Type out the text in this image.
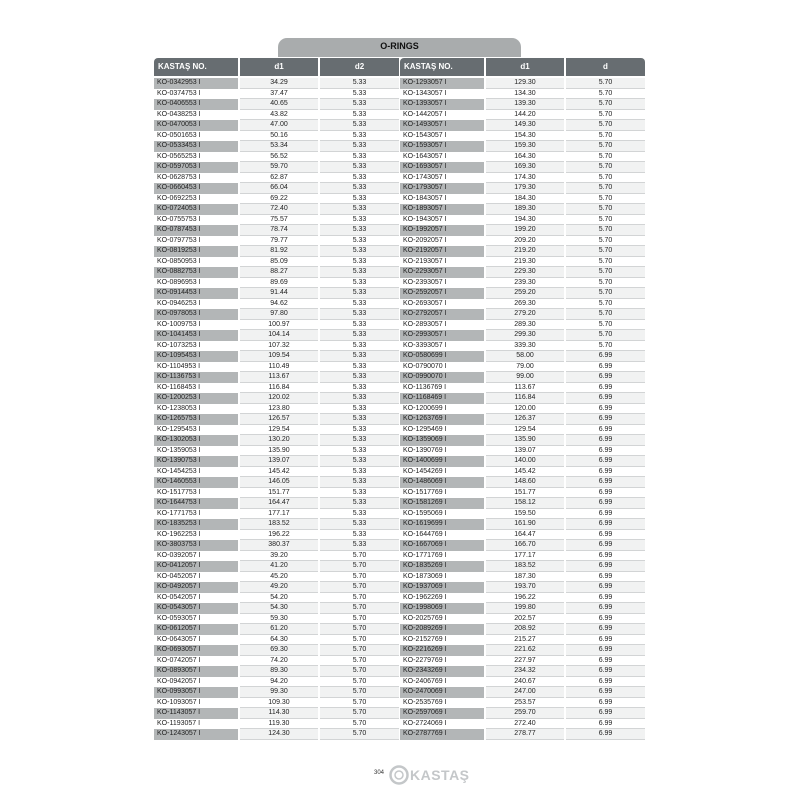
O-RINGS
KASTAŞ NO.	d1	d2
KO-0342953 I	34.29	5.33
KO-0374753 I	37.47	5.33
KO-0406553 I	40.65	5.33
KO-0438253 I	43.82	5.33
KO-0470053 I	47.00	5.33
KO-0501653 I	50.16	5.33
KO-0533453 I	53.34	5.33
KO-0565253 I	56.52	5.33
KO-0597053 I	59.70	5.33
KO-0628753 I	62.87	5.33
KO-0660453 I	66.04	5.33
KO-0692253 I	69.22	5.33
KO-0724053 I	72.40	5.33
KO-0755753 I	75.57	5.33
KO-0787453 I	78.74	5.33
KO-0797753 I	79.77	5.33
KO-0819253 I	81.92	5.33
KO-0850953 I	85.09	5.33
KO-0882753 I	88.27	5.33
KO-0896953 I	89.69	5.33
KO-0914453 I	91.44	5.33
KO-0946253 I	94.62	5.33
KO-0978053 I	97.80	5.33
KO-1009753 I	100.97	5.33
KO-1041453 I	104.14	5.33
KO-1073253 I	107.32	5.33
KO-1095453 I	109.54	5.33
KO-1104953 I	110.49	5.33
KO-1136753 I	113.67	5.33
KO-1168453 I	116.84	5.33
KO-1200253 I	120.02	5.33
KO-1238053 I	123.80	5.33
KO-1265753 I	126.57	5.33
KO-1295453 I	129.54	5.33
KO-1302053 I	130.20	5.33
KO-1359053 I	135.90	5.33
KO-1390753 I	139.07	5.33
KO-1454253 I	145.42	5.33
KO-1460553 I	146.05	5.33
KO-1517753 I	151.77	5.33
KO-1644753 I	164.47	5.33
KO-1771753 I	177.17	5.33
KO-1835253 I	183.52	5.33
KO-1962253 I	196.22	5.33
KO-3803753 I	380.37	5.33
KO-0392057 I	39.20	5.70
KO-0412057 I	41.20	5.70
KO-0452057 I	45.20	5.70
KO-0492057 I	49.20	5.70
KO-0542057 I	54.20	5.70
KO-0543057 I	54.30	5.70
KO-0593057 I	59.30	5.70
KO-0612057 I	61.20	5.70
KO-0643057 I	64.30	5.70
KO-0693057 I	69.30	5.70
KO-0742057 I	74.20	5.70
KO-0893057 I	89.30	5.70
KO-0942057 I	94.20	5.70
KO-0993057 I	99.30	5.70
KO-1093057 I	109.30	5.70
KO-1143057 I	114.30	5.70
KO-1193057 I	119.30	5.70
KO-1243057 I	124.30	5.70
KASTAŞ NO.	d1	d
KO-1293057 I	129.30	5.70
KO-1343057 I	134.30	5.70
KO-1393057 I	139.30	5.70
KO-1442057 I	144.20	5.70
KO-1493057 I	149.30	5.70
KO-1543057 I	154.30	5.70
KO-1593057 I	159.30	5.70
KO-1643057 I	164.30	5.70
KO-1693057 I	169.30	5.70
KO-1743057 I	174.30	5.70
KO-1793057 I	179.30	5.70
KO-1843057 I	184.30	5.70
KO-1893057 I	189.30	5.70
KO-1943057 I	194.30	5.70
KO-1992057 I	199.20	5.70
KO-2092057 I	209.20	5.70
KO-2192057 I	219.20	5.70
KO-2193057 I	219.30	5.70
KO-2293057 I	229.30	5.70
KO-2393057 I	239.30	5.70
KO-2592057 I	259.20	5.70
KO-2693057 I	269.30	5.70
KO-2792057 I	279.20	5.70
KO-2893057 I	289.30	5.70
KO-2993057 I	299.30	5.70
KO-3393057 I	339.30	5.70
KO-0580699 I	58.00	6.99
KO-0790070 I	79.00	6.99
KO-0990070 I	99.00	6.99
KO-1136769 I	113.67	6.99
KO-1168469 I	116.84	6.99
KO-1200699 I	120.00	6.99
KO-1263769 I	126.37	6.99
KO-1295469 I	129.54	6.99
KO-1359069 I	135.90	6.99
KO-1390769 I	139.07	6.99
KO-1400699 I	140.00	6.99
KO-1454269 I	145.42	6.99
KO-1486069 I	148.60	6.99
KO-1517769 I	151.77	6.99
KO-1581269 I	158.12	6.99
KO-1595069 I	159.50	6.99
KO-1619699 I	161.90	6.99
KO-1644769 I	164.47	6.99
KO-1667069 I	166.70	6.99
KO-1771769 I	177.17	6.99
KO-1835269 I	183.52	6.99
KO-1873069 I	187.30	6.99
KO-1937069 I	193.70	6.99
KO-1962269 I	196.22	6.99
KO-1998069 I	199.80	6.99
KO-2025769 I	202.57	6.99
KO-2089269 I	208.92	6.99
KO-2152769 I	215.27	6.99
KO-2216269 I	221.62	6.99
KO-2279769 I	227.97	6.99
KO-2343269 I	234.32	6.99
KO-2406769 I	240.67	6.99
KO-2470069 I	247.00	6.99
KO-2535769 I	253.57	6.99
KO-2597069 I	259.70	6.99
KO-2724069 I	272.40	6.99
KO-2787769 I	278.77	6.99
304 KASTAŞ
